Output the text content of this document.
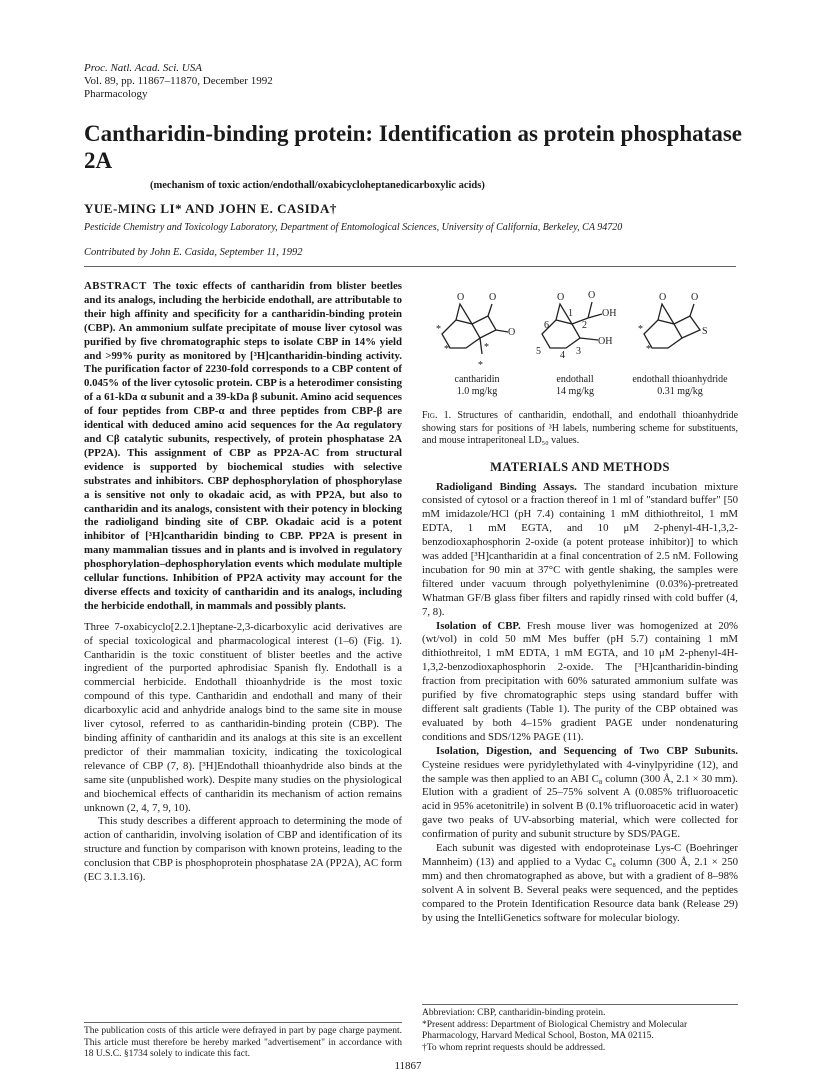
Proc. Natl. Acad. Sci. USA
Vol. 89, pp. 11867–11870, December 1992
Pharmacology
Cantharidin-binding protein: Identification as protein phosphatase 2A
(mechanism of toxic action/endothall/oxabicycloheptanedicarboxylic acids)
YUE-MING LI* AND JOHN E. CASIDA†
Pesticide Chemistry and Toxicology Laboratory, Department of Entomological Sciences, University of California, Berkeley, CA 94720
Contributed by John E. Casida, September 11, 1992

ABSTRACT The toxic effects of cantharidin from blister beetles and its analogs, including the herbicide endothall, are attributable to their high affinity and specificity for a cantharidin-binding protein (CBP). An ammonium sulfate precipitate of mouse liver cytosol was purified by five chromatographic steps to isolate CBP in 14% yield and >99% purity as monitored by [³H]cantharidin-binding activity. The purification factor of 2230-fold corresponds to a CBP content of 0.045% of the liver cytosolic protein. CBP is a heterodimer consisting of a 61-kDa α subunit and a 39-kDa β subunit. Amino acid sequences of four peptides from CBP-α and three peptides from CBP-β are identical with deduced amino acid sequences for the Aα regulatory and Cβ catalytic subunits, respectively, of protein phosphatase 2A (PP2A). This assignment of CBP as PP2A-AC from structural evidence is supported by biochemical studies with selective substrates and inhibitors. CBP dephosphorylation of phosphorylase a is sensitive not only to okadaic acid, as with PP2A, but also to cantharidin and its analogs, consistent with their potency in blocking the radioligand binding site of CBP. Okadaic acid is a potent inhibitor of [³H]cantharidin binding to CBP. PP2A is present in many mammalian tissues and in plants and is involved in regulatory phosphorylation–dephosphorylation events which modulate multiple cellular functions. Inhibition of PP2A activity may account for the diverse effects and toxicity of cantharidin and its analogs, including the herbicide endothall, in mammals and possibly plants.

Three 7-oxabicyclo[2.2.1]heptane-2,3-dicarboxylic acid derivatives are of special toxicological and pharmacological interest (1–6) (Fig. 1). Cantharidin is the toxic constituent of blister beetles and the active ingredient of the purported aphrodisiac Spanish fly. Endothall is a commercial herbicide. Endothall thioanhydride is the most toxic compound of this type. Cantharidin and endothall and many of their dicarboxylic acid and anhydride analogs bind to the same site in mouse liver cytosol, referred to as cantharidin-binding protein (CBP). The binding affinity of cantharidin and its analogs at this site is an excellent predictor of their mammalian toxicity, indicating the toxicological relevance of CBP (7, 8). [³H]Endothall thioanhydride also binds at the same site (unpublished work). Despite many studies on the physiological and biochemical effects of cantharidin its mechanism of action remains unknown (2, 4, 7, 9, 10).

This study describes a different approach to determining the mode of action of cantharidin, involving isolation of CBP and identification of its structure and function by comparison with known proteins, leading to the conclusion that CBP is phosphoprotein phosphatase 2A (PP2A), AC form (EC 3.1.3.16).

The publication costs of this article were defrayed in part by page charge payment. This article must therefore be hereby marked "advertisement" in accordance with 18 U.S.C. §1734 solely to indicate this fact.
O O
O
*
*	*
*
O O
OH
OH
1
2
3
4
5
6
O O
S
*
*
cantharidin
1.0 mg/kg
endothall
14 mg/kg
endothall thioanhydride
0.31 mg/kg

Fig. 1. Structures of cantharidin, endothall, and endothall thioanhydride showing stars for positions of ³H labels, numbering scheme for substituents, and mouse intraperitoneal LD₅₀ values.

MATERIALS AND METHODS

Radioligand Binding Assays. The standard incubation mixture consisted of cytosol or a fraction thereof in 1 ml of "standard buffer" [50 mM imidazole/HCl (pH 7.4) containing 1 mM dithiothreitol, 1 mM EDTA, 1 mM EGTA, and 10 μM 2-phenyl-4H-1,3,2-benzodioxaphosphorin 2-oxide (a potent protease inhibitor)] to which was added [³H]cantharidin at a final concentration of 2.5 nM. Following incubation for 90 min at 37°C with gentle shaking, the samples were filtered under vacuum through polyethylenimine (0.03%)-pretreated Whatman GF/B glass fiber filters and rapidly rinsed with cold buffer (4, 7, 8).

Isolation of CBP. Fresh mouse liver was homogenized at 20% (wt/vol) in cold 50 mM Mes buffer (pH 5.7) containing 1 mM dithiothreitol, 1 mM EDTA, 1 mM EGTA, and 10 μM 2-phenyl-4H-1,3,2-benzodioxaphosphorin 2-oxide. The [³H]cantharidin-binding fraction from precipitation with 60% saturated ammonium sulfate was purified by five chromatographic steps using standard buffer with different salt gradients (Table 1). The purity of the CBP obtained was evaluated by both 4–15% gradient PAGE under nondenaturing conditions and SDS/12% PAGE (11).

Isolation, Digestion, and Sequencing of Two CBP Subunits. Cysteine residues were pyridylethylated with 4-vinylpyridine (12), and the sample was then applied to an ABI C₈ column (300 Å, 2.1 × 30 mm). Elution with a gradient of 25–75% solvent A (0.085% trifluoroacetic acid in 95% acetonitrile) in solvent B (0.1% trifluoroacetic acid in water) gave two peaks of UV-absorbing material, which were collected for confirmation of purity and subunit structure by SDS/PAGE.

Each subunit was digested with endoproteinase Lys-C (Boehringer Mannheim) (13) and applied to a Vydac C₈ column (300 Å, 2.1 × 250 mm) and then chromatographed as above, but with a gradient of 8–98% solvent A in solvent B. Several peaks were sequenced, and the peptides compared to the Protein Identification Resource data bank (Release 29) by using the IntelliGenetics software for molecular biology.

Abbreviation: CBP, cantharidin-binding protein.
*Present address: Department of Biological Chemistry and Molecular Pharmacology, Harvard Medical School, Boston, MA 02115.
†To whom reprint requests should be addressed.
11867
